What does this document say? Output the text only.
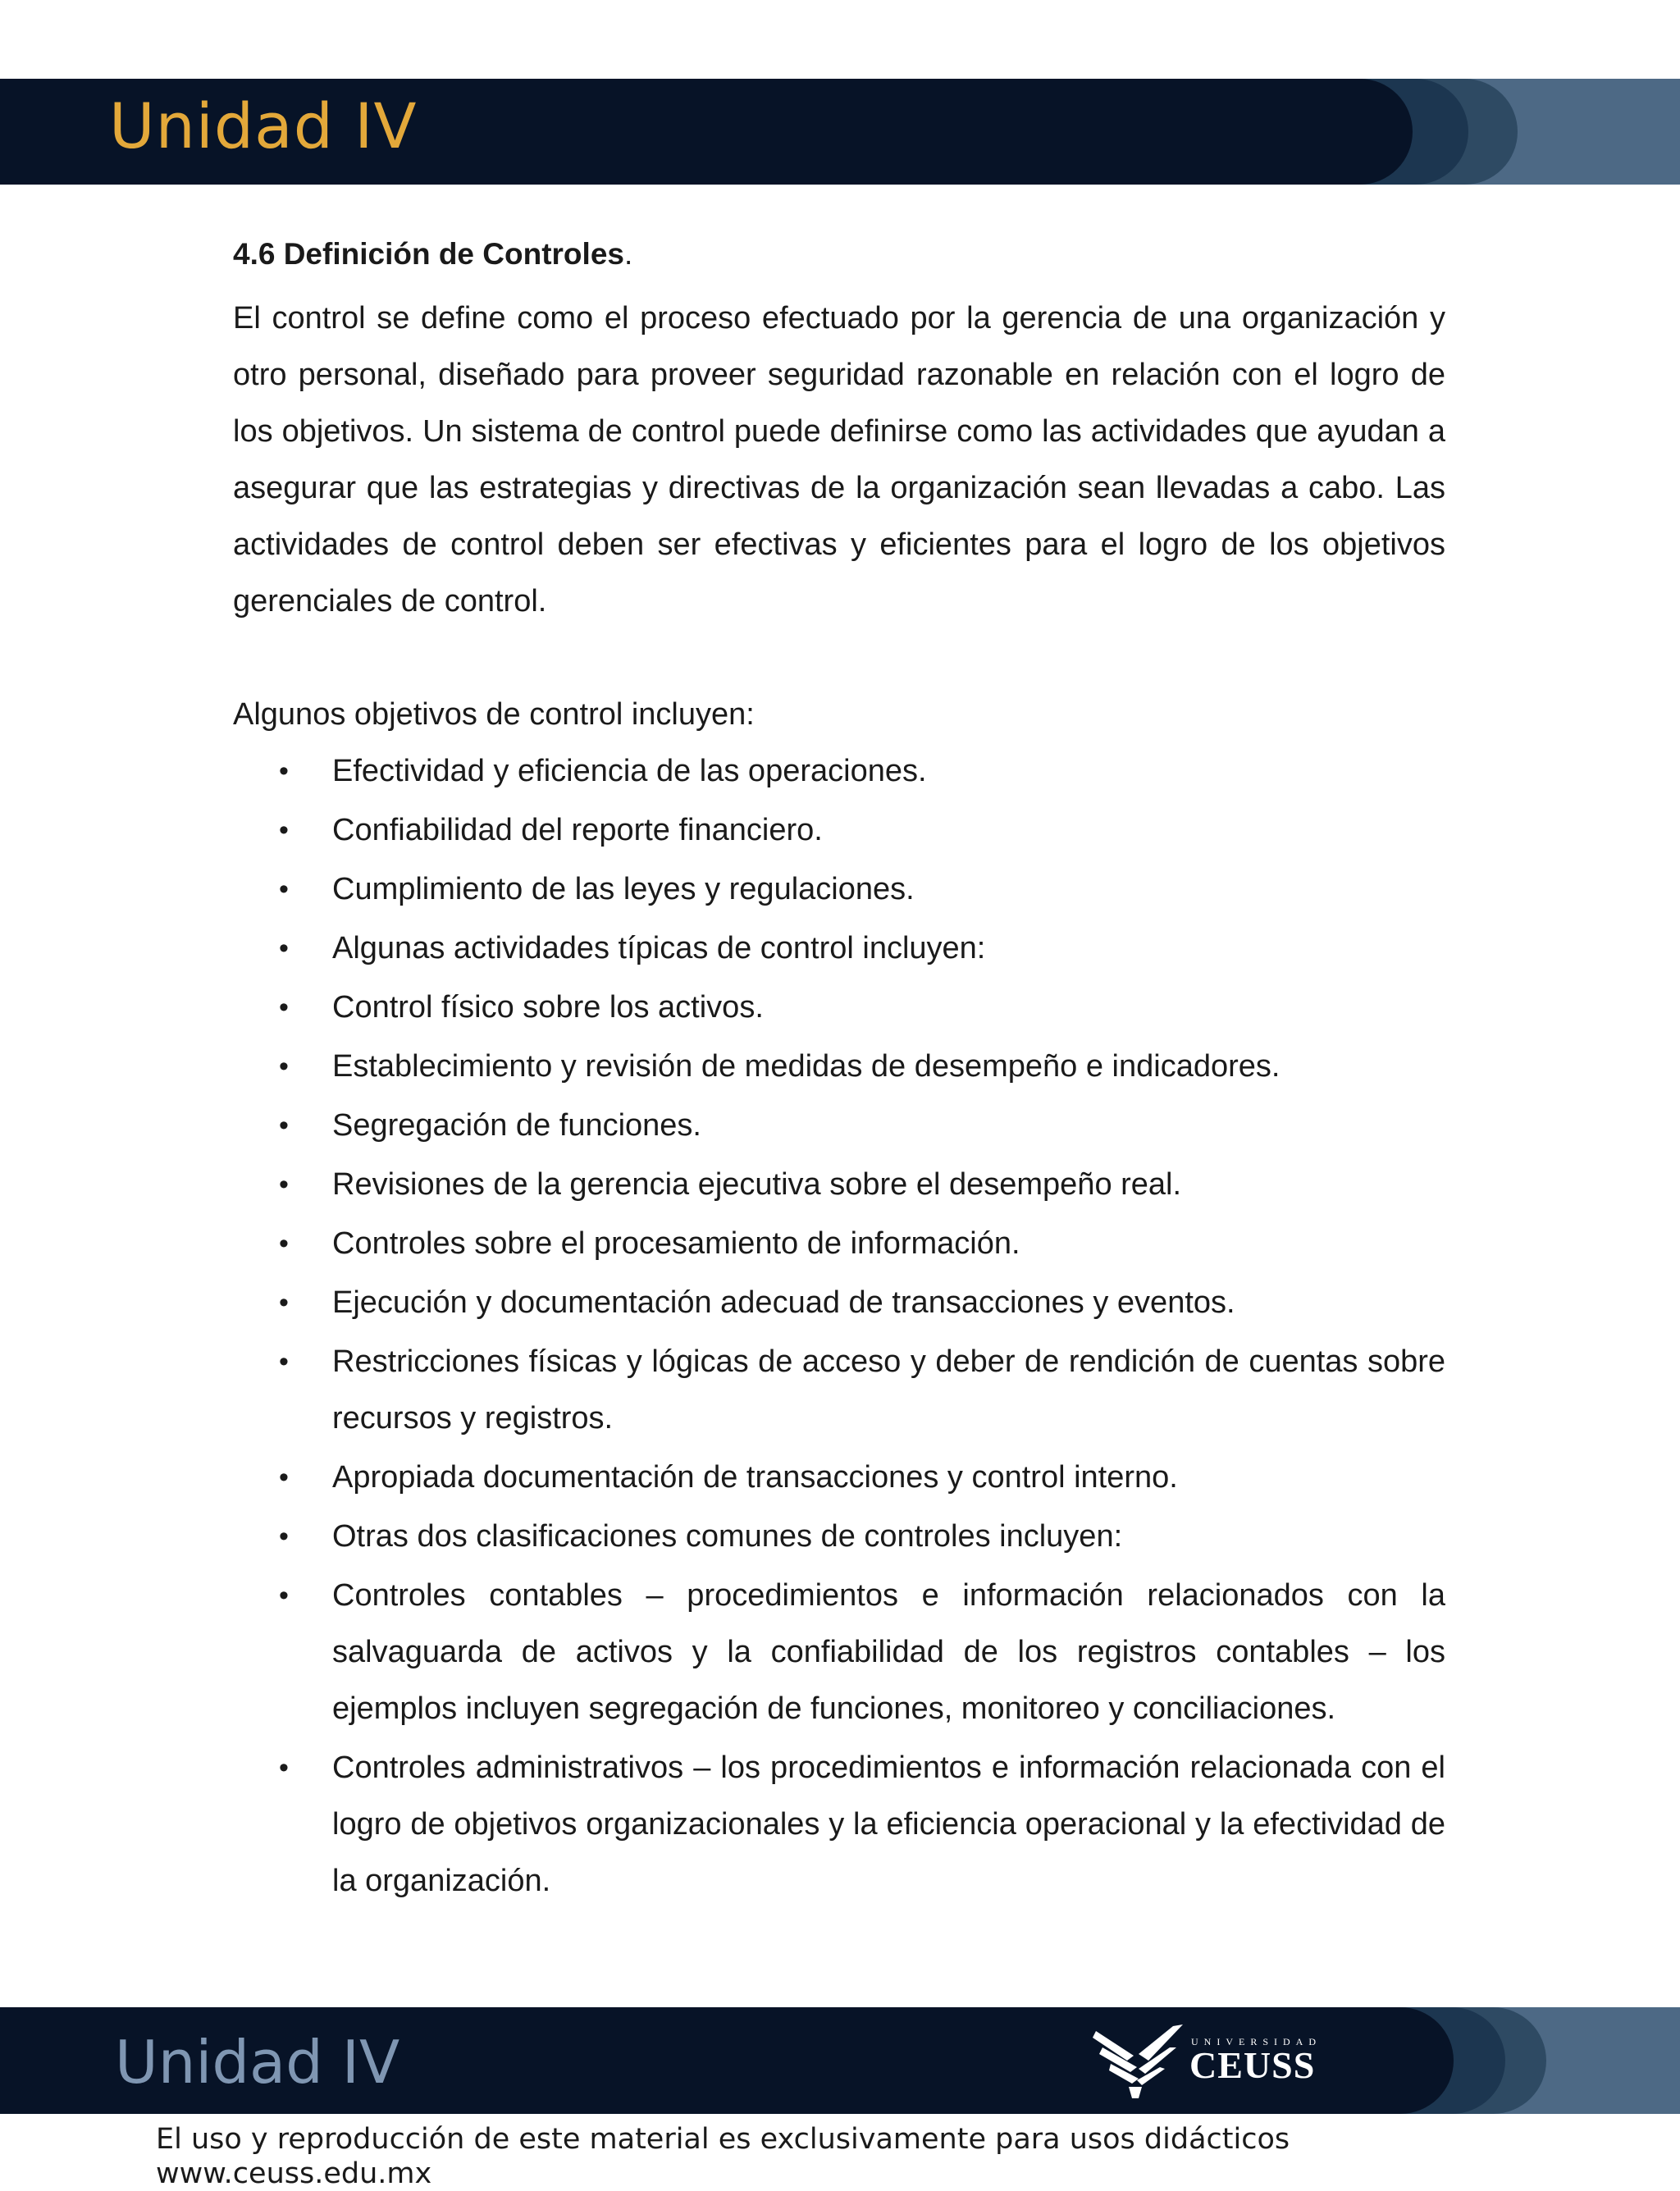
Unidad IV

4.6 Definición de Controles.

El control se define como el proceso efectuado por la gerencia de una organización y otro personal, diseñado para proveer seguridad razonable en relación con el logro de los objetivos. Un sistema de control puede definirse como las actividades que ayudan a asegurar que las estrategias y directivas de la organización sean llevadas a cabo. Las actividades de control deben ser efectivas y eficientes para el logro de los objetivos gerenciales de control.

Algunos objetivos de control incluyen:

• Efectividad y eficiencia de las operaciones.
• Confiabilidad del reporte financiero.
• Cumplimiento de las leyes y regulaciones.
• Algunas actividades típicas de control incluyen:
• Control físico sobre los activos.
• Establecimiento y revisión de medidas de desempeño e indicadores.
• Segregación de funciones.
• Revisiones de la gerencia ejecutiva sobre el desempeño real.
• Controles sobre el procesamiento de información.
• Ejecución y documentación adecuad de transacciones y eventos.
• Restricciones físicas y lógicas de acceso y deber de rendición de cuentas sobre recursos y registros.
• Apropiada documentación de transacciones y control interno.
• Otras dos clasificaciones comunes de controles incluyen:
• Controles contables – procedimientos e información relacionados con la salvaguarda de activos y la confiabilidad de los registros contables – los ejemplos incluyen segregación de funciones, monitoreo y conciliaciones.
• Controles administrativos – los procedimientos e información relacionada con el logro de objetivos organizacionales y la eficiencia operacional y la efectividad de la organización.
Unidad IV	UNIVERSIDAD
CEUSS
El uso y reproducción de este material es exclusivamente para usos didácticos www.ceuss.edu.mx
